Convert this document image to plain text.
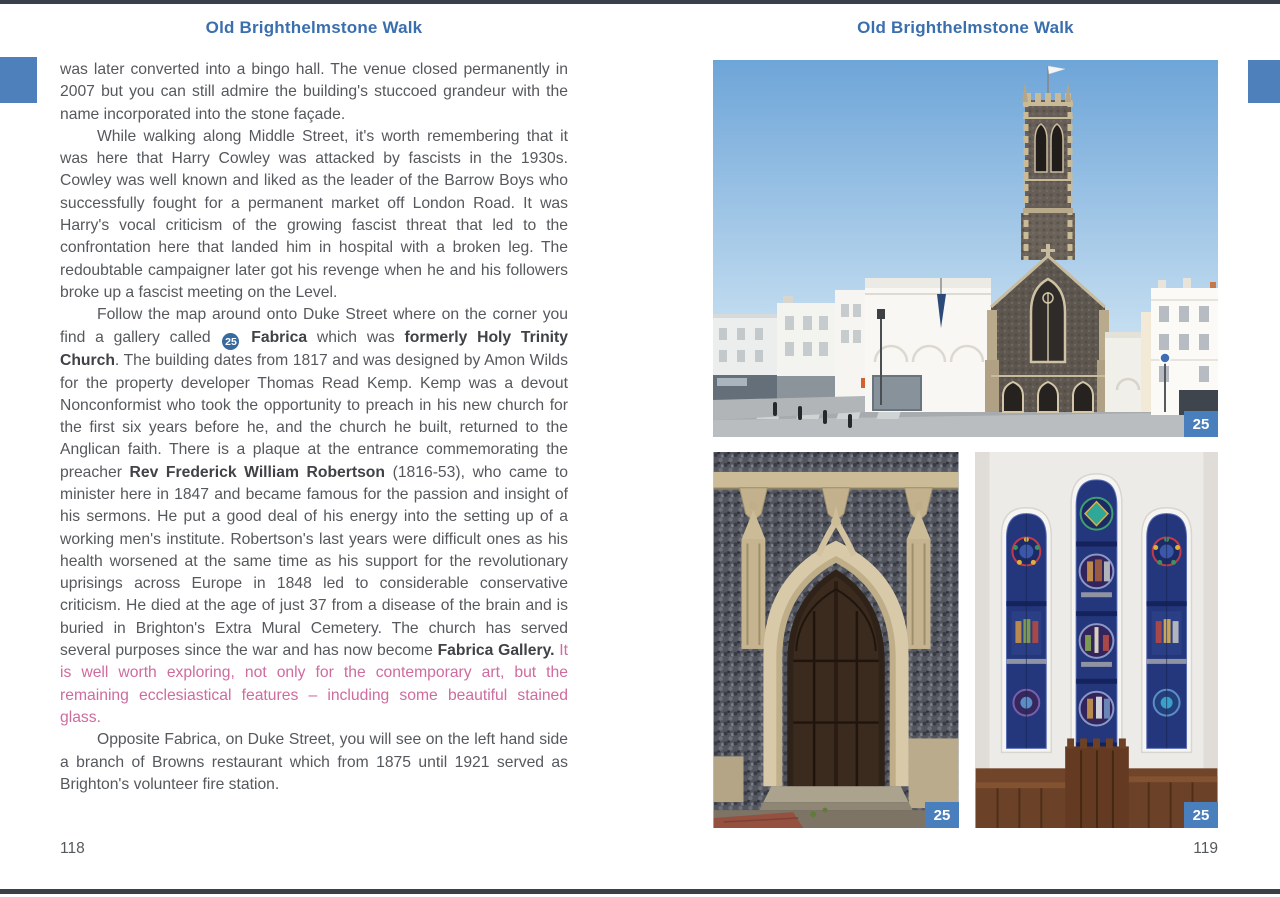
Old Brighthelmstone Walk

was later converted into a bingo hall. The venue closed permanently in 2007 but you can still admire the building's stuccoed grandeur with the name incorporated into the stone façade.

While walking along Middle Street, it's worth remembering that it was here that Harry Cowley was attacked by fascists in the 1930s. Cowley was well known and liked as the leader of the Barrow Boys who successfully fought for a permanent market off London Road. It was Harry's vocal criticism of the growing fascist threat that led to the confrontation here that landed him in hospital with a broken leg. The redoubtable campaigner later got his revenge when he and his followers broke up a fascist meeting on the Level.

Follow the map around onto Duke Street where on the corner you find a gallery called 25 Fabrica which was formerly Holy Trinity Church. The building dates from 1817 and was designed by Amon Wilds for the property developer Thomas Read Kemp. Kemp was a devout Nonconformist who took the opportunity to preach in his new church for the first six years before he, and the church he built, returned to the Anglican faith. There is a plaque at the entrance commemorating the preacher Rev Frederick William Robertson (1816-53), who came to minister here in 1847 and became famous for the passion and insight of his sermons. He put a good deal of his energy into the setting up of a working men's institute. Robertson's last years were difficult ones as his health worsened at the same time as his support for the revolutionary uprisings across Europe in 1848 led to considerable conservative criticism. He died at the age of just 37 from a disease of the brain and is buried in Brighton's Extra Mural Cemetery. The church has served several purposes since the war and has now become Fabrica Gallery. It is well worth exploring, not only for the contemporary art, but the remaining ecclesiastical features – including some beautiful stained glass.

Opposite Fabrica, on Duke Street, you will see on the left hand side a branch of Browns restaurant which from 1875 until 1921 served as Brighton's volunteer fire station.

118
Old Brighthelmstone Walk
25
25	25
119
